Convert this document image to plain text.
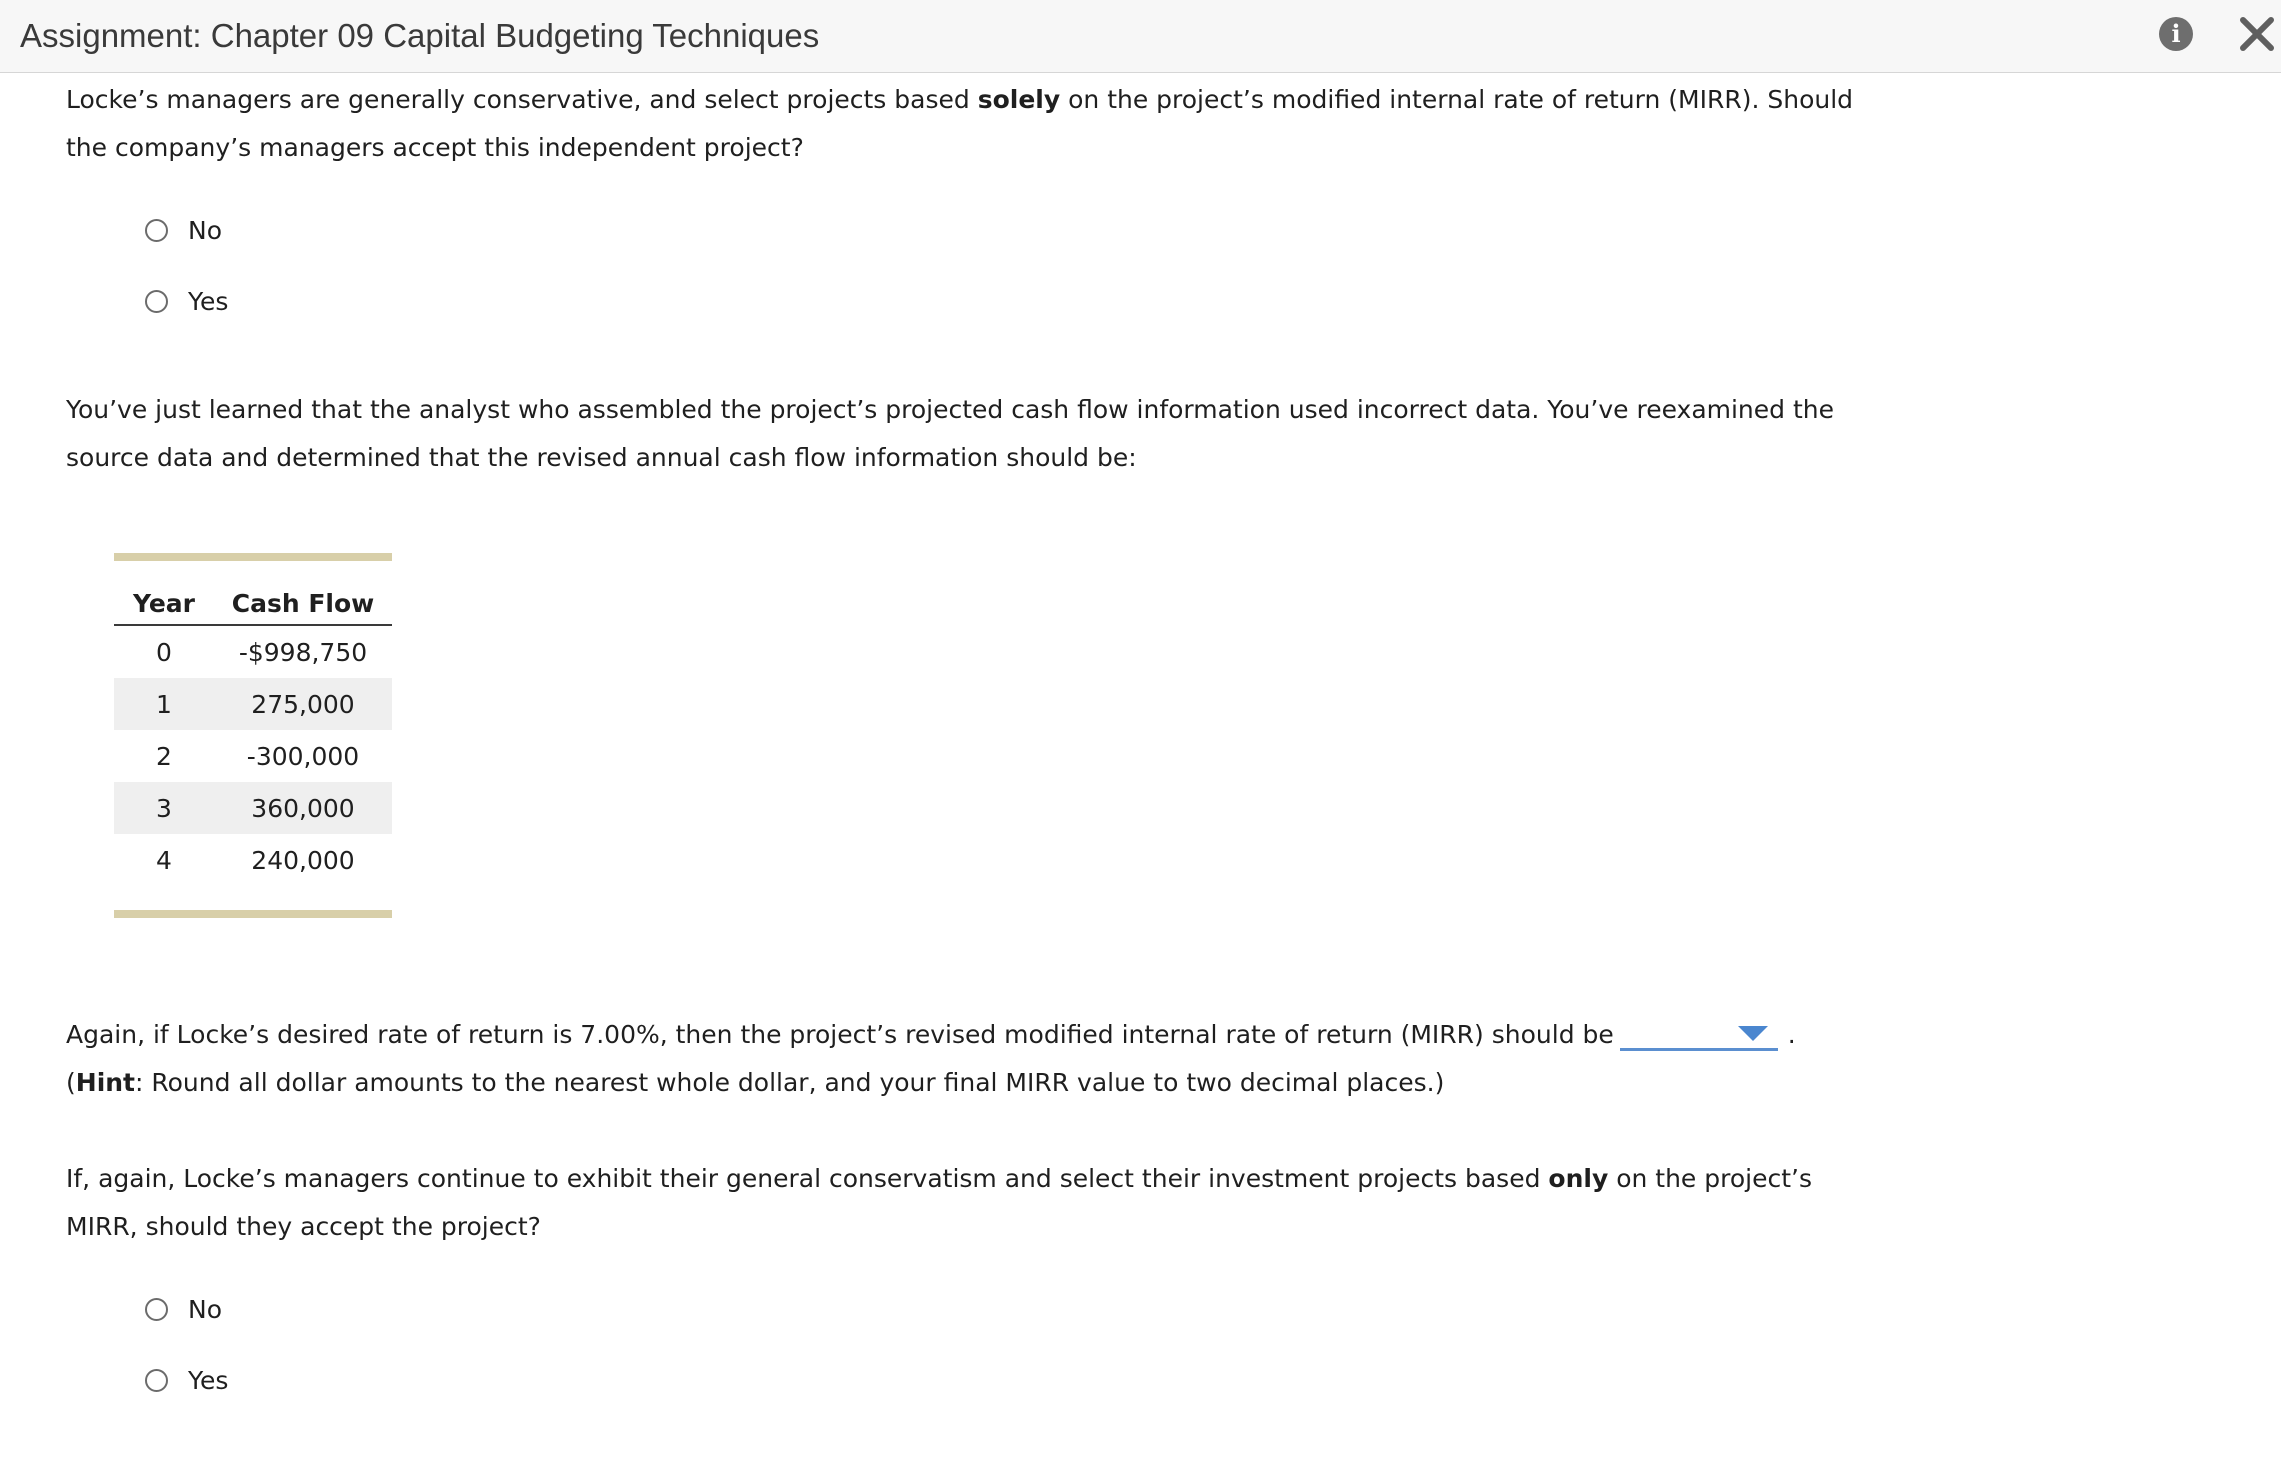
Assignment: Chapter 09 Capital Budgeting Techniques	i
Locke’s managers are generally conservative, and select projects based solely on the project’s modified internal rate of return (MIRR). Should the company’s managers accept this independent project?
No
Yes
You’ve just learned that the analyst who assembled the project’s projected cash flow information used incorrect data. You’ve reexamined the source data and determined that the revised annual cash flow information should be:
Year	Cash Flow
0	-$998,750
1	275,000
2	-300,000
3	360,000
4	240,000
Again, if Locke’s desired rate of return is 7.00%, then the project’s revised modified internal rate of return (MIRR) should be	. (Hint: Round all dollar amounts to the nearest whole dollar, and your final MIRR value to two decimal places.)
If, again, Locke’s managers continue to exhibit their general conservatism and select their investment projects based only on the project’s MIRR, should they accept the project?
No
Yes
